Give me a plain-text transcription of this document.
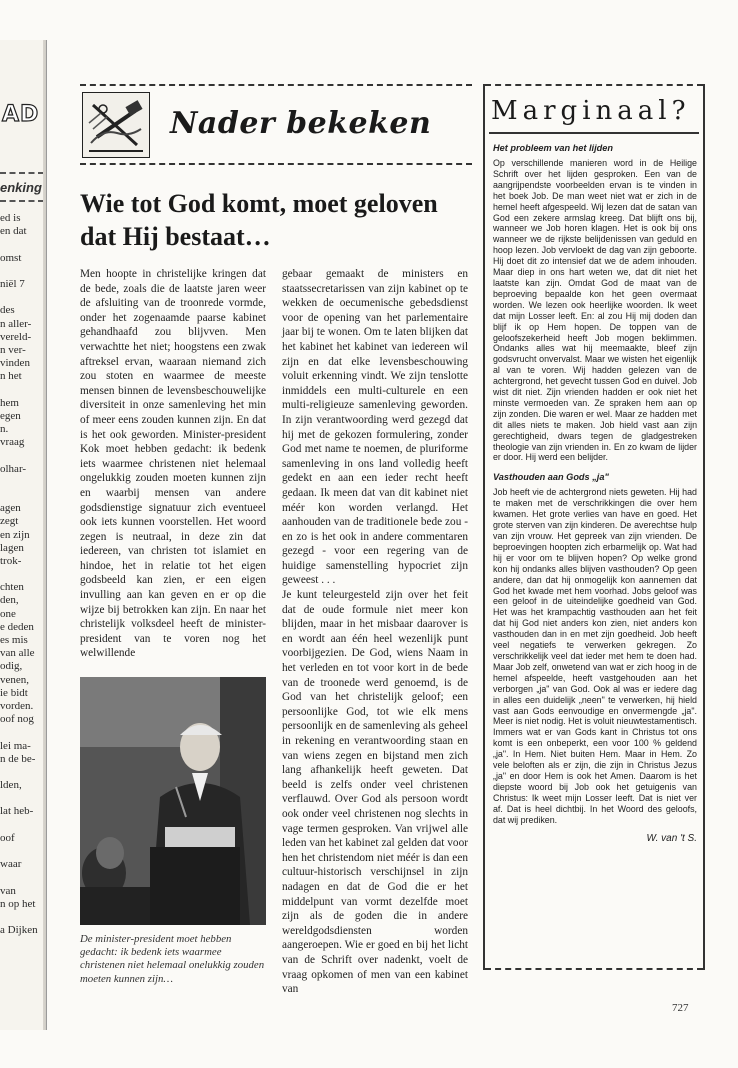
AD
enking
ed is
en dat

omst

niël 7

des
n aller-
vereld-
n ver-
vinden
n het

hem
egen
n.
vraag

olhar-

agen
zegt
en zijn
lagen
trok-

chten
den,
one
e deden
es mis
van alle
odig,
venen,
ie bidt
vorden.
oof nog

lei ma-
n de be-

lden,

lat heb-

oof

waar

van
n op het

a Dijken
Nader bekeken
Wie tot God komt, moet geloven dat Hij bestaat…

Men hoopte in christelijke kringen dat de bede, zoals die de laatste jaren weer de afsluiting van de troonrede vormde, onder het zogenaamde paarse kabinet gehandhaafd zou blijvven. Men verwachtte het niet; hoogstens een zwak aftreksel ervan, waaraan niemand zich zou stoten en waarmee de meeste mensen binnen de levensbeschouwelijke diversiteit in onze samenleving het min of meer eens zouden kunnen zijn. En dat is het ook geworden. Minister-president Kok moet hebben gedacht: ik bedenk iets waarmee christenen niet helemaal ongelukkig zouden moeten kunnen zijn en waarbij mensen van andere godsdienstige signatuur zich eventueel ook iets kunnen voorstellen. Het woord zegen is neutraal, in deze zin dat iedereen, van christen tot islamiet en hindoe, het in relatie tot het eigen godsbeeld kan zien, er een eigen invulling aan kan geven en er op die wijze bij betrokken kan zijn. En naar het christelijk volksdeel heeft de minister-president van te voren nog het welwillende

De minister-president moet hebben gedacht: ik bedenk iets waarmee christenen niet helemaal onelukkig zouden moeten kunnen zijn…

gebaar gemaakt de ministers en staatssecretarissen van zijn kabinet op te wekken de oecumenische gebedsdienst voor de opening van het parlementaire jaar bij te wonen. Om te laten blijken dat het kabinet het kabinet van iedereen wil zijn en dat elke levensbeschouwing voluit erkenning vindt. We zijn tenslotte inmiddels een multi-culturele en een multi-religieuze samenleving geworden. In zijn verantwoording werd gezegd dat hij met de gekozen formulering, zonder God met name te noemen, de pluriforme samenleving in ons land volledig heeft gedekt en aan een ieder recht heeft gedaan. Ik meen dat van dit kabinet niet méér kon worden verlangd. Het aanhouden van de traditionele bede zou - en zo is het ook in andere commentaren gezegd - voor een regering van de huidige samenstelling hypocriet zijn geweest . . .

Je kunt teleurgesteld zijn over het feit dat de oude formule niet meer kon blijden, maar in het misbaar daarover is en wordt aan één heel wezenlijk punt voorbijgezien. De God, wiens Naam in het verleden en tot voor kort in de bede van de troonede werd genoemd, is de God van het christelijk geloof; een persoonlijke God, tot wie elk mens persoonlijk en de samenleving als geheel in rekening en verantwoording staan en van wiens zegen en bijstand men zich lang afhankelijk heeft geweten. Dat beeld is zelfs onder veel christenen verflauwd. Over God als persoon wordt ook onder veel christenen nog slechts in vage termen gesproken. Van vrijwel alle leden van het kabinet zal gelden dat voor hen het christendom niet méér is dan een cultuur-historisch verschijnsel in zijn nadagen en dat de God die er het middelpunt van vormt dezelfde moet zijn als de goden die in andere wereldgodsdiensten worden aangeroepen. Wie er goed en bij het licht van de Schrift over nadenkt, voelt de vraag opkomen of men van een kabinet van

Marginaal?
Het probleem van het lijden

Op verschillende manieren word in de Heilige Schrift over het lijden gesproken. Een van de aangrijpendste voorbeelden ervan is te vinden in het boek Job. De man weet niet wat er zich in de hemel heeft afgespeeld. Wij lezen dat de satan van God een zekere armslag kreeg. Dat blijft ons bij, wanneer we Job horen klagen. Het is ook bij ons wanneer we de rijkste belijdenissen van geduld en hoop lezen. Job vervloekt de dag van zijn geboorte. Hij doet dit zo intensief dat we de adem inhouden. Maar diep in ons hart weten we, dat dit niet het laatste kan zijn. Omdat God de maat van de beproeving bepaalde kon het geen overmaat worden. We lezen ook heerlijke woorden. Ik weet dat mijn Losser leeft. En: al zou Hij mij doden dan blijf ik op Hem hopen. De toppen van de geloofszekerheid heeft Job mogen beklimmen. Ondanks alles wat hij meemaakte, bleef zijn godsvrucht onvervalst. Maar we wisten het eigenlijk al van te voren. Wij hadden gelezen van de achtergrond, het gevecht tussen God en duivel. Job wist dit niet. Zijn vrienden hadden er ook niet het minste vermoeden van. Ze spraken hem aan op zijn zonden. Die waren er wel. Maar ze hadden met dit alles niets te maken. Job hield vast aan zijn gerechtigheid, dwars tegen de gladgestreken theologie van zijn vrienden in. En zo kwam de lijder er door. Hij werd een belijder.

Vasthouden aan Gods „ja"

Job heeft vie de achtergrond niets geweten. Hij had te maken met de verschrikkingen die over hem kwamen. Het grote verlies van have en goed. Het grote sterven van zijn kinderen. De averechtse hulp van zijn vrouw. Het gepreek van zijn vrienden. De beproevingen hoopten zich erbarmelijk op. Wat had hij er voor om te blijven hopen? Op welke grond kon hij ondanks alles blijven vasthouden? Op geen andere, dan dat hij onmogelijk kon aannemen dat God het kwade met hem voorhad. Jobs geloof was een geloof in de uiteindelijke goedheid van God. Het was het krampachtig vasthouden aan het feit dat hij God niet anders kon zien, niet anders kon vasthouden dan in en met zijn goedheid. Job heeft veel negatiefs te verwerken gekregen. Zo verschrikkelijk veel dat ieder met hem te doen had. Maar Job zelf, onwetend van wat er zich hoog in de hemel afspeelde, heeft vastgehouden aan het verborgen „ja" van God. Ook al was er iedere dag in alles een duidelijk „neen" te verwerken, hij hield vast aan Gods eenvoudige en onvermengde „ja". Meer is niet nodig. Het is voluit nieuwtestamentisch. Immers wat er van Gods kant in Christus tot ons komt is een onbeperkt, een voor 100 % geldend „ja". In Hem. Niet buiten Hem. Maar in Hem. Zo vele beloften als er zijn, die zijn in Christus Jezus „ja" en door Hem is ook het Amen. Daarom is het diepste woord bij Job ook het getuigenis van Christus: Ik weet mijn Losser leeft. Dat is niet ver af. Dat is heel dichtbij. In het Woord des geloofs, dat wij prediken.

W. van 't S.
727
